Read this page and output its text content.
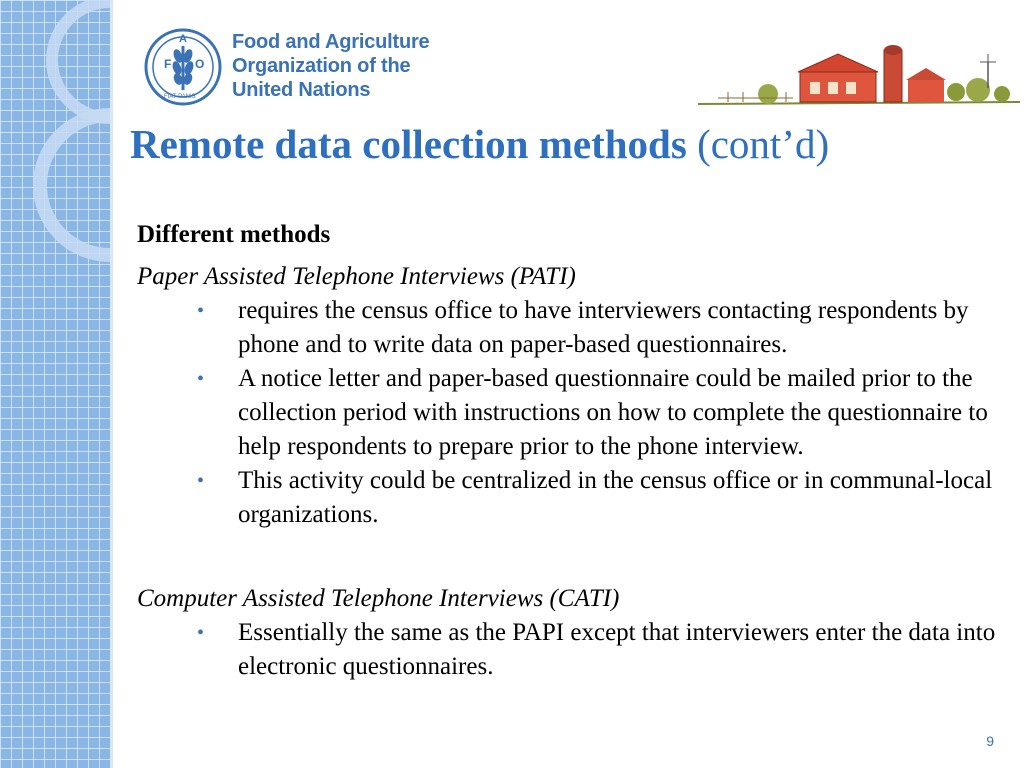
F
A
O
FIAT PANIS
Food and Agriculture
Organization of the
United Nations
Remote data collection methods (cont’d)

Different methods

Paper Assisted Telephone Interviews (PATI)

• requires the census office to have interviewers contacting respondents by phone and to write data on paper-based questionnaires.
• A notice letter and paper-based questionnaire could be mailed prior to the collection period with instructions on how to complete the questionnaire to help respondents to prepare prior to the phone interview.
• This activity could be centralized in the census office or in communal-local organizations.

Computer Assisted Telephone Interviews (CATI)

• Essentially the same as the PAPI except that interviewers enter the data into electronic questionnaires.
9
